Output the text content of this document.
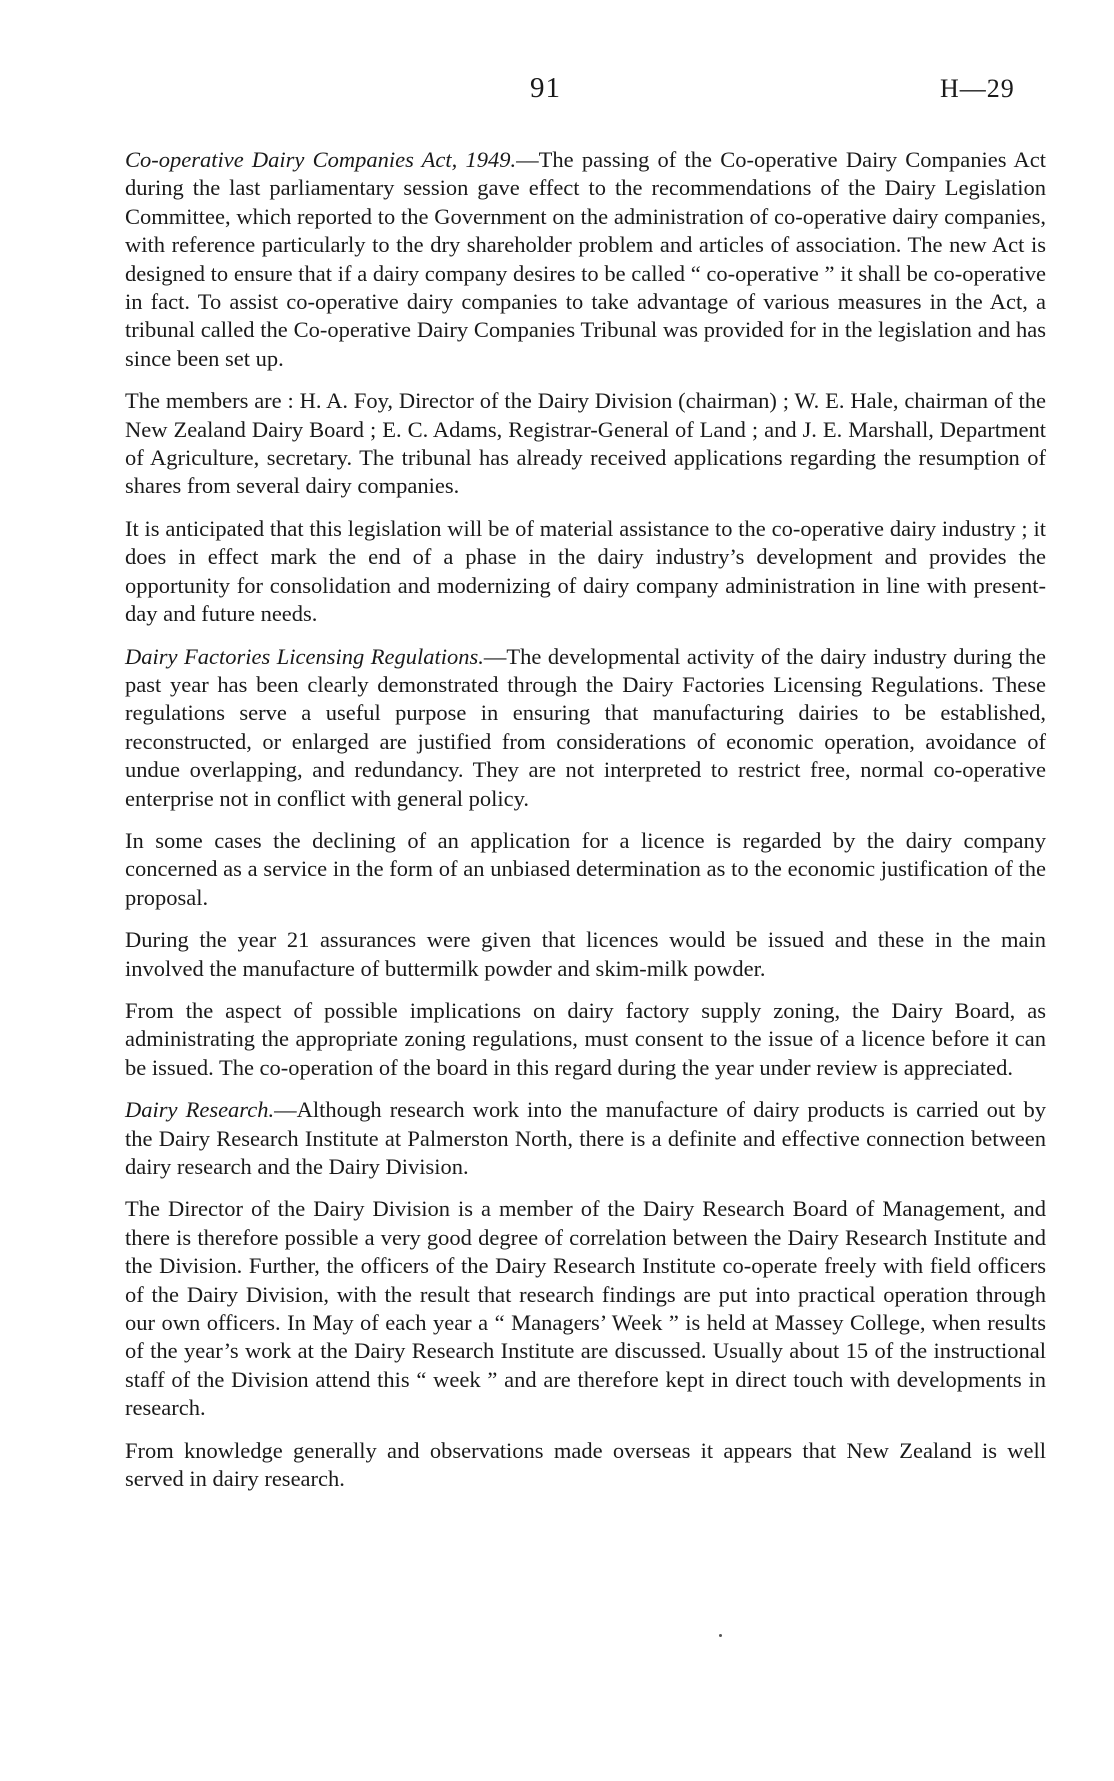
91	H—29

Co-operative Dairy Companies Act, 1949.—The passing of the Co-operative Dairy Companies Act during the last parliamentary session gave effect to the recommendations of the Dairy Legislation Committee, which reported to the Government on the administration of co-operative dairy companies, with reference particularly to the dry shareholder problem and articles of association. The new Act is designed to ensure that if a dairy company desires to be called “ co-operative ” it shall be co-operative in fact. To assist co-operative dairy companies to take advantage of various measures in the Act, a tribunal called the Co-operative Dairy Companies Tribunal was provided for in the legislation and has since been set up.

The members are : H. A. Foy, Director of the Dairy Division (chairman) ; W. E. Hale, chairman of the New Zealand Dairy Board ; E. C. Adams, Registrar-General of Land ; and J. E. Marshall, Department of Agriculture, secretary. The tribunal has already received applications regarding the resumption of shares from several dairy companies.

It is anticipated that this legislation will be of material assistance to the co-operative dairy industry ; it does in effect mark the end of a phase in the dairy industry’s development and provides the opportunity for consolidation and modernizing of dairy company administration in line with present-day and future needs.

Dairy Factories Licensing Regulations.—The developmental activity of the dairy industry during the past year has been clearly demonstrated through the Dairy Factories Licensing Regulations. These regulations serve a useful purpose in ensuring that manufacturing dairies to be established, reconstructed, or enlarged are justified from considerations of economic operation, avoidance of undue overlapping, and redundancy. They are not interpreted to restrict free, normal co-operative enterprise not in conflict with general policy.

In some cases the declining of an application for a licence is regarded by the dairy company concerned as a service in the form of an unbiased determination as to the economic justification of the proposal.

During the year 21 assurances were given that licences would be issued and these in the main involved the manufacture of buttermilk powder and skim-milk powder.

From the aspect of possible implications on dairy factory supply zoning, the Dairy Board, as administrating the appropriate zoning regulations, must consent to the issue of a licence before it can be issued. The co-operation of the board in this regard during the year under review is appreciated.

Dairy Research.—Although research work into the manufacture of dairy products is carried out by the Dairy Research Institute at Palmerston North, there is a definite and effective connection between dairy research and the Dairy Division.

The Director of the Dairy Division is a member of the Dairy Research Board of Management, and there is therefore possible a very good degree of correlation between the Dairy Research Institute and the Division. Further, the officers of the Dairy Research Institute co-operate freely with field officers of the Dairy Division, with the result that research findings are put into practical operation through our own officers. In May of each year a “ Managers’ Week ” is held at Massey College, when results of the year’s work at the Dairy Research Institute are discussed. Usually about 15 of the instructional staff of the Division attend this “ week ” and are therefore kept in direct touch with developments in research.

From knowledge generally and observations made overseas it appears that New Zealand is well served in dairy research.
